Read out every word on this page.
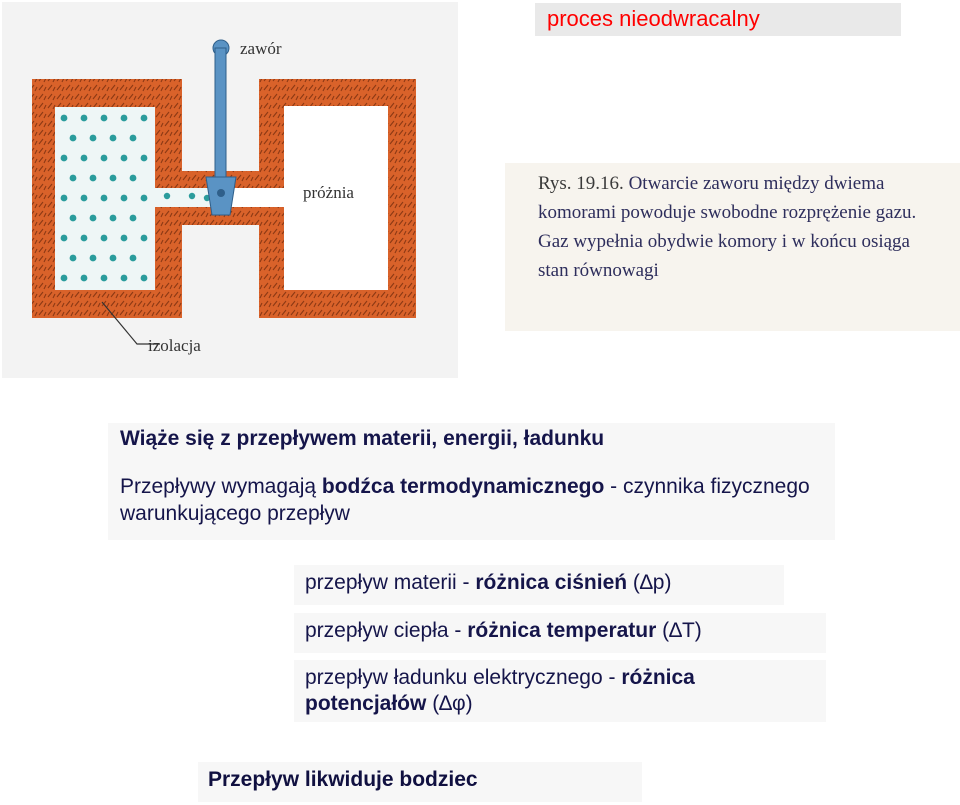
proces nieodwracalny
zawór
próżnia
izolacja

Rys. 19.16. Otwarcie zaworu między dwiema komorami powoduje swobodne rozprężenie gazu. Gaz wypełnia obydwie komory i w końcu osiąga stan równowagi

Wiąże się z przepływem materii, energii, ładunku
Przepływy wymagają bodźca termodynamicznego - czynnika fizycznego warunkującego przepływ

przepływ materii - różnica ciśnień (∆p)

przepływ ciepła - różnica temperatur (∆T)

przepływ ładunku elektrycznego - różnica potencjałów (∆φ)

Przepływ likwiduje bodziec
